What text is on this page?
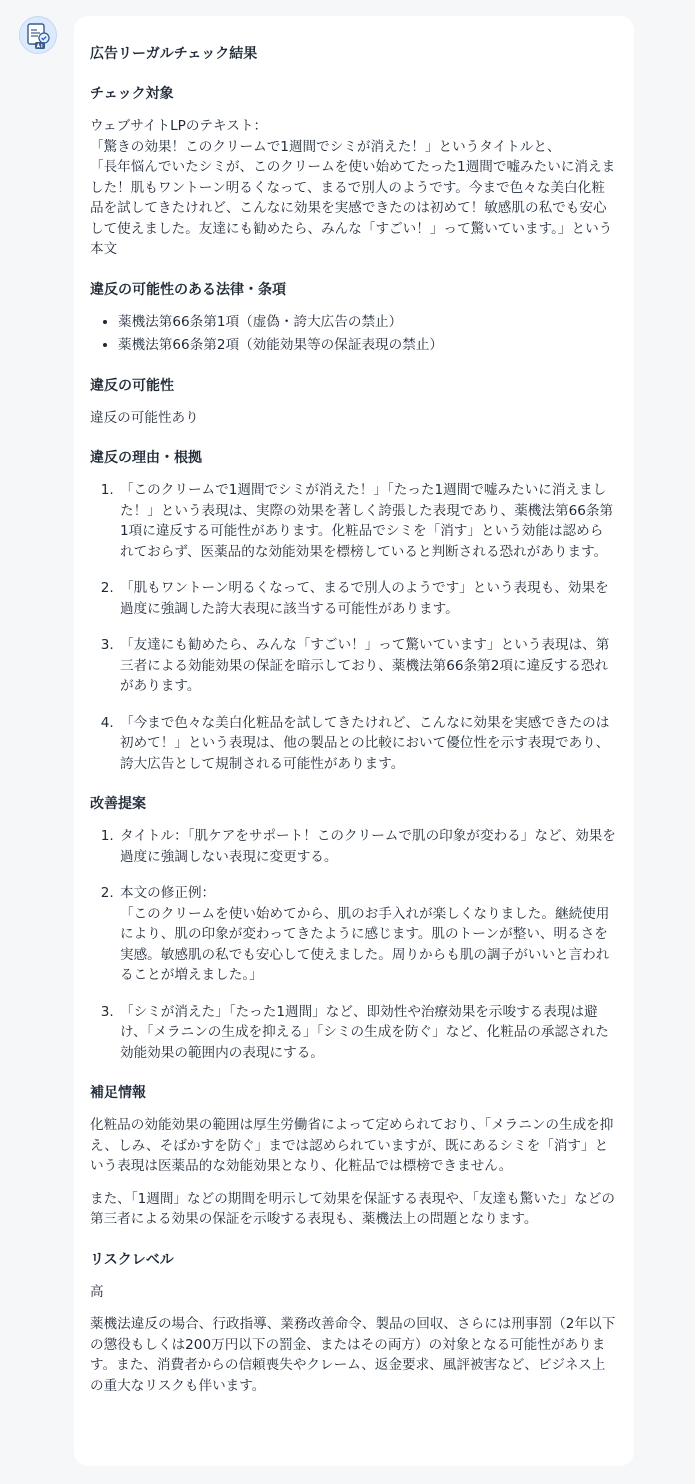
広告リーガルチェック結果
チェック対象
ウェブサイトLPのテキスト：
「驚きの効果！このクリームで1週間でシミが消えた！」というタイトルと、
「長年悩んでいたシミが、このクリームを使い始めてたった1週間で嘘みたいに消えました！肌もワントーン明るくなって、まるで別人のようです。今まで色々な美白化粧品を試してきたけれど、こんなに効果を実感できたのは初めて！敏感肌の私でも安心して使えました。友達にも勧めたら、みんな「すごい！」って驚いています。」という本文
違反の可能性のある法律・条項
• 薬機法第66条第1項（虚偽・誇大広告の禁止）
• 薬機法第66条第2項（効能効果等の保証表現の禁止）
違反の可能性
違反の可能性あり
違反の理由・根拠
1. 「このクリームで1週間でシミが消えた！」「たった1週間で嘘みたいに消えました！」という表現は、実際の効果を著しく誇張した表現であり、薬機法第66条第1項に違反する可能性があります。化粧品でシミを「消す」という効能は認められておらず、医薬品的な効能効果を標榜していると判断される恐れがあります。
2. 「肌もワントーン明るくなって、まるで別人のようです」という表現も、効果を過度に強調した誇大表現に該当する可能性があります。
3. 「友達にも勧めたら、みんな「すごい！」って驚いています」という表現は、第三者による効能効果の保証を暗示しており、薬機法第66条第2項に違反する恐れがあります。
4. 「今まで色々な美白化粧品を試してきたけれど、こんなに効果を実感できたのは初めて！」という表現は、他の製品との比較において優位性を示す表現であり、誇大広告として規制される可能性があります。
改善提案
1. タイトル：「肌ケアをサポート！このクリームで肌の印象が変わる」など、効果を過度に強調しない表現に変更する。
2. 本文の修正例：
「このクリームを使い始めてから、肌のお手入れが楽しくなりました。継続使用により、肌の印象が変わってきたように感じます。肌のトーンが整い、明るさを実感。敏感肌の私でも安心して使えました。周りからも肌の調子がいいと言われることが増えました。」
3. 「シミが消えた」「たった1週間」など、即効性や治療効果を示唆する表現は避け、「メラニンの生成を抑える」「シミの生成を防ぐ」など、化粧品の承認された効能効果の範囲内の表現にする。
補足情報
化粧品の効能効果の範囲は厚生労働省によって定められており、「メラニンの生成を抑え、しみ、そばかすを防ぐ」までは認められていますが、既にあるシミを「消す」という表現は医薬品的な効能効果となり、化粧品では標榜できません。
また、「1週間」などの期間を明示して効果を保証する表現や、「友達も驚いた」などの第三者による効果の保証を示唆する表現も、薬機法上の問題となります。
リスクレベル
高
薬機法違反の場合、行政指導、業務改善命令、製品の回収、さらには刑事罰（2年以下の懲役もしくは200万円以下の罰金、またはその両方）の対象となる可能性があります。また、消費者からの信頼喪失やクレーム、返金要求、風評被害など、ビジネス上の重大なリスクも伴います。
